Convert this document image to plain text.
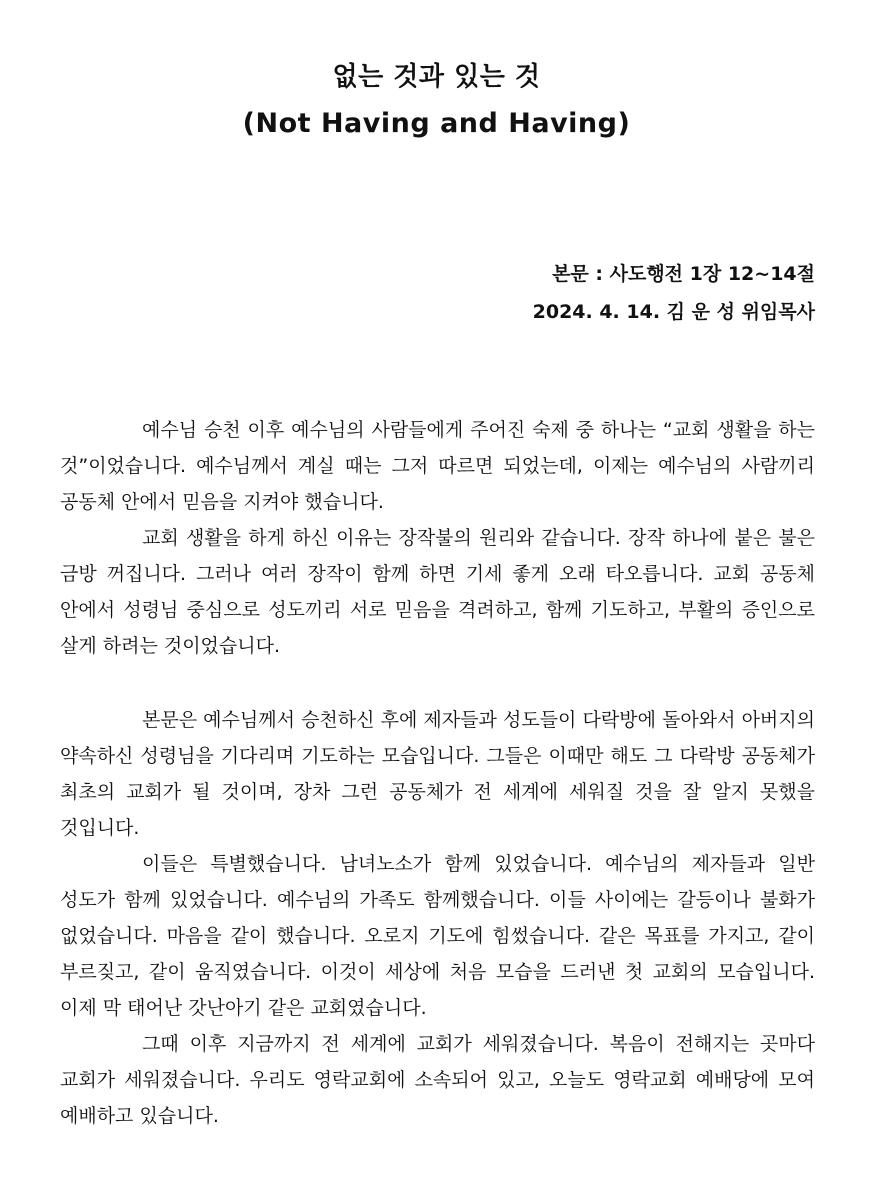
없는 것과 있는 것
(Not Having and Having)
본문 : 사도행전 1장 12~14절
2024. 4. 14. 김 운 성 위임목사

예수님 승천 이후 예수님의 사람들에게 주어진 숙제 중 하나는 “교회 생활을 하는 것”이었습니다. 예수님께서 계실 때는 그저 따르면 되었는데, 이제는 예수님의 사람끼리 공동체 안에서 믿음을 지켜야 했습니다.

교회 생활을 하게 하신 이유는 장작불의 원리와 같습니다. 장작 하나에 붙은 불은 금방 꺼집니다. 그러나 여러 장작이 함께 하면 기세 좋게 오래 타오릅니다. 교회 공동체 안에서 성령님 중심으로 성도끼리 서로 믿음을 격려하고, 함께 기도하고, 부활의 증인으로 살게 하려는 것이었습니다.

본문은 예수님께서 승천하신 후에 제자들과 성도들이 다락방에 돌아와서 아버지의 약속하신 성령님을 기다리며 기도하는 모습입니다. 그들은 이때만 해도 그 다락방 공동체가 최초의 교회가 될 것이며, 장차 그런 공동체가 전 세계에 세워질 것을 잘 알지 못했을 것입니다.

이들은 특별했습니다. 남녀노소가 함께 있었습니다. 예수님의 제자들과 일반 성도가 함께 있었습니다. 예수님의 가족도 함께했습니다. 이들 사이에는 갈등이나 불화가 없었습니다. 마음을 같이 했습니다. 오로지 기도에 힘썼습니다. 같은 목표를 가지고, 같이 부르짖고, 같이 움직였습니다. 이것이 세상에 처음 모습을 드러낸 첫 교회의 모습입니다. 이제 막 태어난 갓난아기 같은 교회였습니다.

그때 이후 지금까지 전 세계에 교회가 세워졌습니다. 복음이 전해지는 곳마다 교회가 세워졌습니다. 우리도 영락교회에 소속되어 있고, 오늘도 영락교회 예배당에 모여 예배하고 있습니다.
